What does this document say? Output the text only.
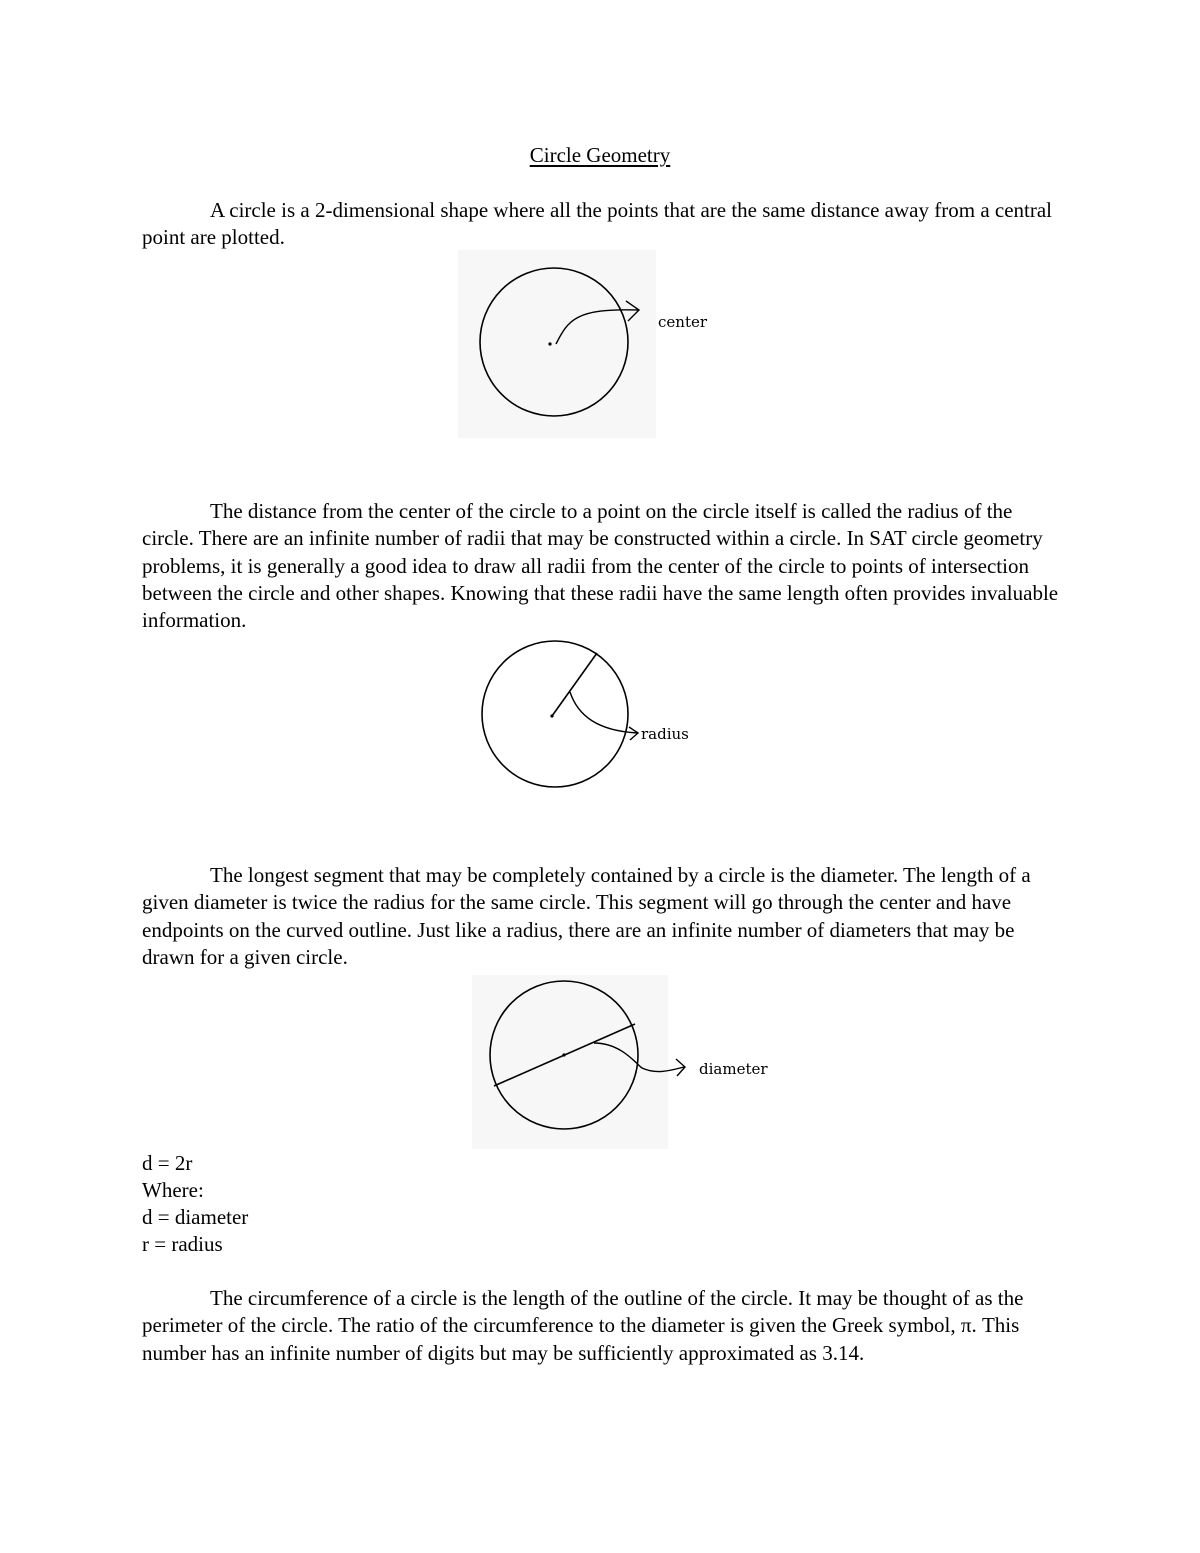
Circle Geometry

A circle is a 2-dimensional shape where all the points that are the same distance away from a central point are plotted.

center

The distance from the center of the circle to a point on the circle itself is called the radius of the circle. There are an infinite number of radii that may be constructed within a circle. In SAT circle geometry problems, it is generally a good idea to draw all radii from the center of the circle to points of intersection between the circle and other shapes. Knowing that these radii have the same length often provides invaluable information.

radius

The longest segment that may be completely contained by a circle is the diameter. The length of a given diameter is twice the radius for the same circle. This segment will go through the center and have endpoints on the curved outline. Just like a radius, there are an infinite number of diameters that may be drawn for a given circle.

diameter
d = 2r
Where:
d = diameter
r = radius

The circumference of a circle is the length of the outline of the circle. It may be thought of as the perimeter of the circle. The ratio of the circumference to the diameter is given the Greek symbol, π. This number has an infinite number of digits but may be sufficiently approximated as 3.14.
